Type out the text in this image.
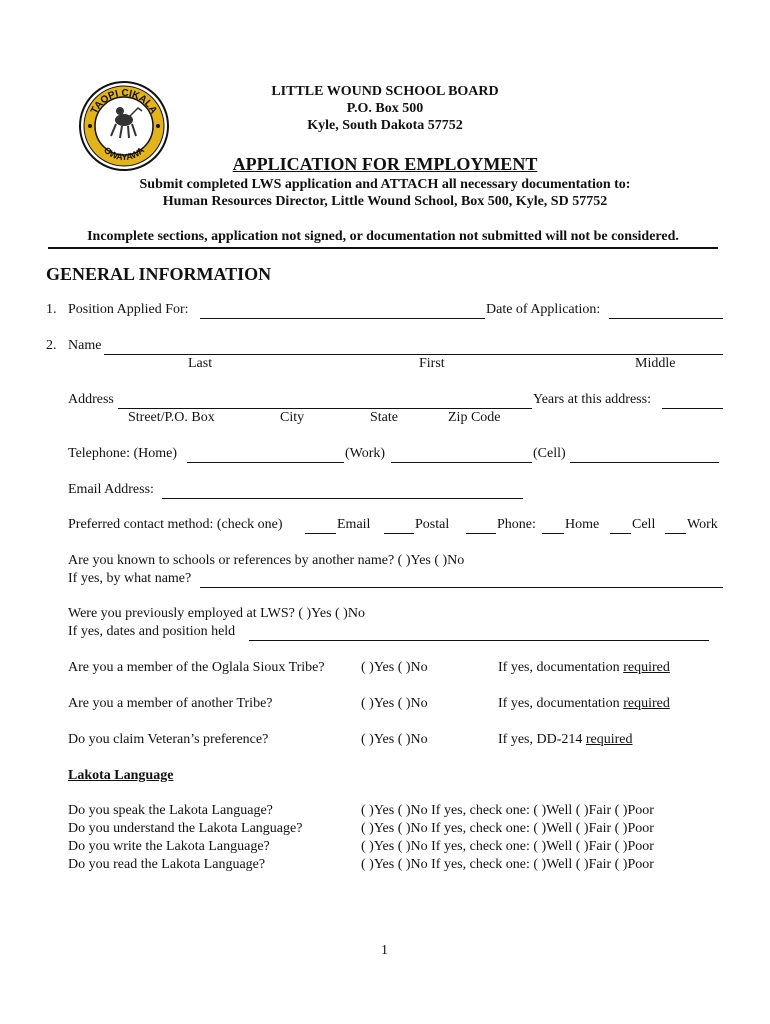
TAOPI CIKALA
OWAYAWA
LITTLE WOUND SCHOOL BOARD
P.O. Box 500
Kyle, South Dakota 57752
APPLICATION FOR EMPLOYMENT
Submit completed LWS application and ATTACH all necessary documentation to:
Human Resources Director, Little Wound School, Box 500, Kyle, SD 57752
Incomplete sections, application not signed, or documentation not submitted will not be considered.
GENERAL INFORMATION
1. Position Applied For:	Date of Application:
2. Name
Last	First	Middle
Address	Years at this address:
Street/P.O. Box	City	State	Zip Code
Telephone: (Home)	(Work)	(Cell)
Email Address:
Preferred contact method: (check one)	Email	Postal	Phone: Home Cell Work
Are you known to schools or references by another name? ( )Yes ( )No
If yes, by what name?
Were you previously employed at LWS? ( )Yes ( )No
If yes, dates and position held
Are you a member of the Oglala Sioux Tribe?	( )Yes ( )No	If yes, documentation required
Are you a member of another Tribe?	( )Yes ( )No	If yes, documentation required
Do you claim Veteran’s preference?	( )Yes ( )No	If yes, DD-214 required
Lakota Language
Do you speak the Lakota Language?	( )Yes ( )No If yes, check one: ( )Well ( )Fair ( )Poor
Do you understand the Lakota Language?	( )Yes ( )No If yes, check one: ( )Well ( )Fair ( )Poor
Do you write the Lakota Language?	( )Yes ( )No If yes, check one: ( )Well ( )Fair ( )Poor
Do you read the Lakota Language?	( )Yes ( )No If yes, check one: ( )Well ( )Fair ( )Poor
1
